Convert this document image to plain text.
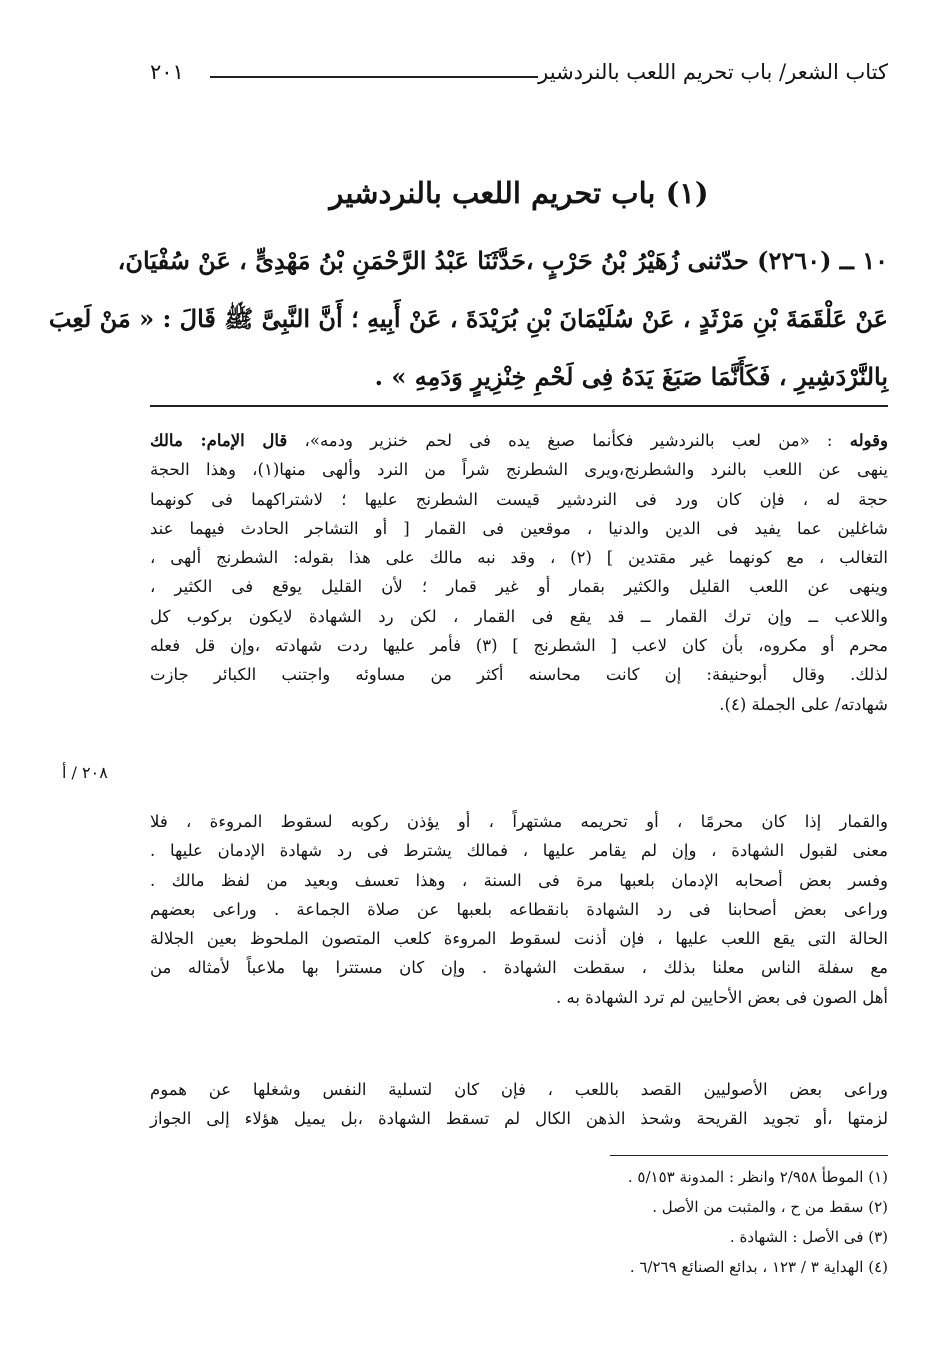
كتاب الشعر/ باب تحريم اللعب بالنردشير
٢٠١
(١) باب تحريم اللعب بالنردشير
١٠ ــ (٢٢٦٠) حدّثنى زُهَيْرُ بْنُ حَرْبٍ ،حَدَّثَنَا عَبْدُ الرَّحْمَنِ بْنُ مَهْدِىٍّ ، عَنْ سُفْيَانَ،
عَنْ عَلْقَمَةَ بْنِ مَرْثَدٍ ، عَنْ سُلَيْمَانَ بْنِ بُرَيْدَةَ ، عَنْ أَبِيهِ ؛ أَنَّ النَّبِىَّ ﷺ قَالَ : « مَنْ لَعِبَ
بِالنَّرْدَشِيرِ ، فَكَأَنَّمَا صَبَغَ يَدَهُ فِى لَحْمِ خِنْزِيرٍ وَدَمِهِ » .
وقوله : «من لعب بالنردشير فكأنما صبغ يده فى لحم خنزير ودمه»، قال الإمام: مالك
ينهى عن اللعب بالنرد والشطرنج،ويرى الشطرنج شراً من النرد وألهى منها(١)، وهذا الحجة
حجة له ، فإن كان ورد فى النردشير قيست الشطرنج عليها ؛ لاشتراكهما فى كونهما
شاغلين عما يفيد فى الدين والدنيا ، موقعين فى القمار [ أو التشاجر الحادث فيهما عند
التغالب ، مع كونهما غير مقتدين ] (٢) ، وقد نبه مالك على هذا بقوله: الشطرنج ألهى ،
وينهى عن اللعب القليل والكثير بقمار أو غير قمار ؛ لأن القليل يوقع فى الكثير ،
واللاعب ــ وإن ترك القمار ــ قد يقع فى القمار ، لكن رد الشهادة لايكون بركوب كل
محرم أو مكروه، بأن كان لاعب [ الشطرنج ] (٣) فأمر عليها ردت شهادته ،وإن قل فعله
لذلك. وقال أبوحنيفة: إن كانت محاسنه أكثر من مساوئه واجتنب الكبائر جازت
شهادته/ على الجملة (٤).
٢٠٨ / أ
والقمار إذا كان محرمًا ، أو تحريمه مشتهراً ، أو يؤذن ركوبه لسقوط المروءة ، فلا
معنى لقبول الشهادة ، وإن لم يقامر عليها ، فمالك يشترط فى رد شهادة الإدمان عليها .
وفسر بعض أصحابه الإدمان بلعبها مرة فى السنة ، وهذا تعسف وبعيد من لفظ مالك .
وراعى بعض أصحابنا فى رد الشهادة بانقطاعه بلعبها عن صلاة الجماعة . وراعى بعضهم
الحالة التى يقع اللعب عليها ، فإن أذنت لسقوط المروءة كلعب المتصون الملحوظ بعين الجلالة
مع سفلة الناس معلنا بذلك ، سقطت الشهادة . وإن كان مستترا بها ملاعباً لأمثاله من
أهل الصون فى بعض الأحايين لم ترد الشهادة به .
وراعى بعض الأصوليين القصد باللعب ، فإن كان لتسلية النفس وشغلها عن هموم
لزمتها ،أو تجويد القريحة وشحذ الذهن الكال لم تسقط الشهادة ،بل يميل هؤلاء إلى الجواز
(١) الموطأ ٢/٩٥٨ وانظر : المدونة ٥/١٥٣ .
(٢) سقط من ح ، والمثبت من الأصل .
(٣) فى الأصل : الشهادة .
(٤) الهداية ٣ / ١٢٣ ، بدائع الصنائع ٦/٢٦٩ .
